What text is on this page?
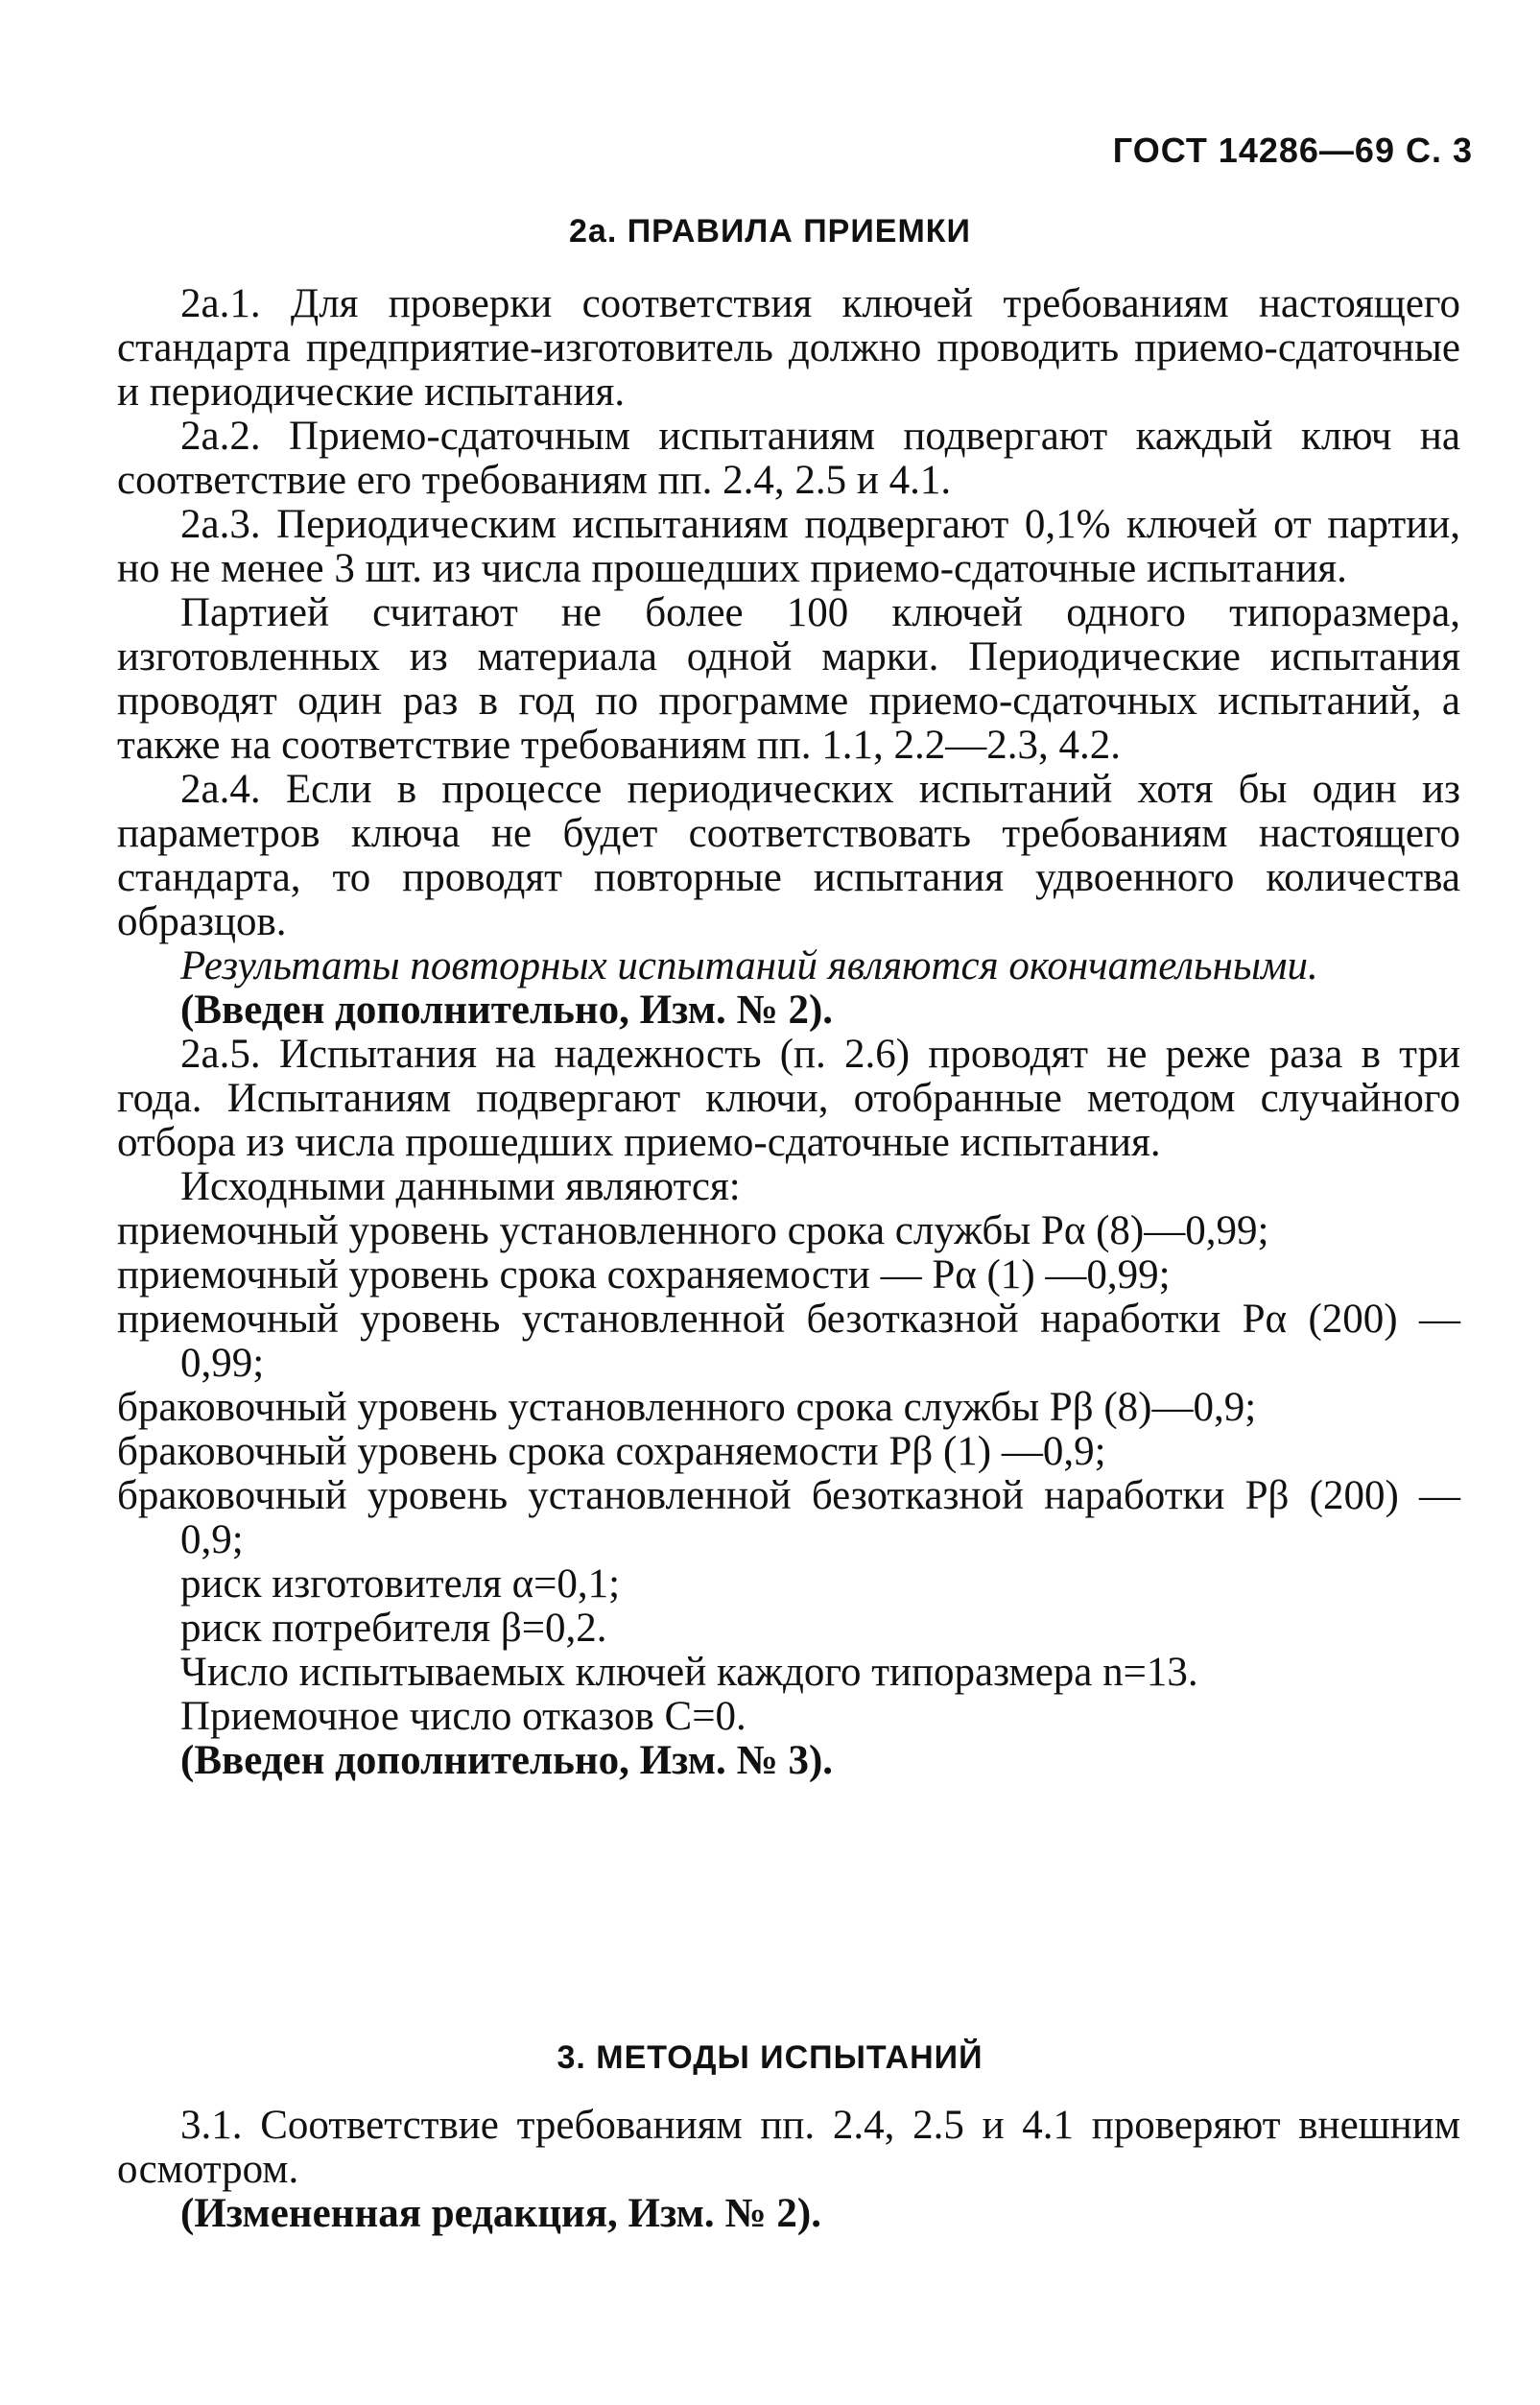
ГОСТ 14286—69 С. 3
2а. ПРАВИЛА ПРИЕМКИ

2а.1. Для проверки соответствия ключей требованиям настоящего стандарта предприятие-изготовитель должно проводить приемо-сдаточные и периодические испытания.

2а.2. Приемо-сдаточным испытаниям подвергают каждый ключ на соответствие его требованиям пп. 2.4, 2.5 и 4.1.

2а.3. Периодическим испытаниям подвергают 0,1% ключей от партии, но не менее 3 шт. из числа прошедших приемо-сдаточные испытания.

Партией считают не более 100 ключей одного типоразмера, изготовленных из материала одной марки. Периодические испытания проводят один раз в год по программе приемо-сдаточных испытаний, а также на соответствие требованиям пп. 1.1, 2.2—2.3, 4.2.

2а.4. Если в процессе периодических испытаний хотя бы один из параметров ключа не будет соответствовать требованиям настоящего стандарта, то проводят повторные испытания удвоенного количества образцов.

Результаты повторных испытаний являются окончательными.

(Введен дополнительно, Изм. № 2).

2а.5. Испытания на надежность (п. 2.6) проводят не реже раза в три года. Испытаниям подвергают ключи, отобранные методом случайного отбора из числа прошедших приемо-сдаточные испытания.

Исходными данными являются:

приемочный уровень установленного срока службы Pα (8)—0,99;

приемочный уровень срока сохраняемости — Pα (1) —0,99;

приемочный уровень установленной безотказной наработки Pα (200) — 0,99;

браковочный уровень установленного срока службы Pβ (8)—0,9;

браковочный уровень срока сохраняемости Pβ (1) —0,9;

браковочный уровень установленной безотказной наработки Pβ (200) — 0,9;

риск изготовителя α=0,1;

риск потребителя β=0,2.

Число испытываемых ключей каждого типоразмера n=13.

Приемочное число отказов C=0.

(Введен дополнительно, Изм. № 3).

3. МЕТОДЫ ИСПЫТАНИЙ

3.1. Соответствие требованиям пп. 2.4, 2.5 и 4.1 проверяют внешним осмотром.

(Измененная редакция, Изм. № 2).
